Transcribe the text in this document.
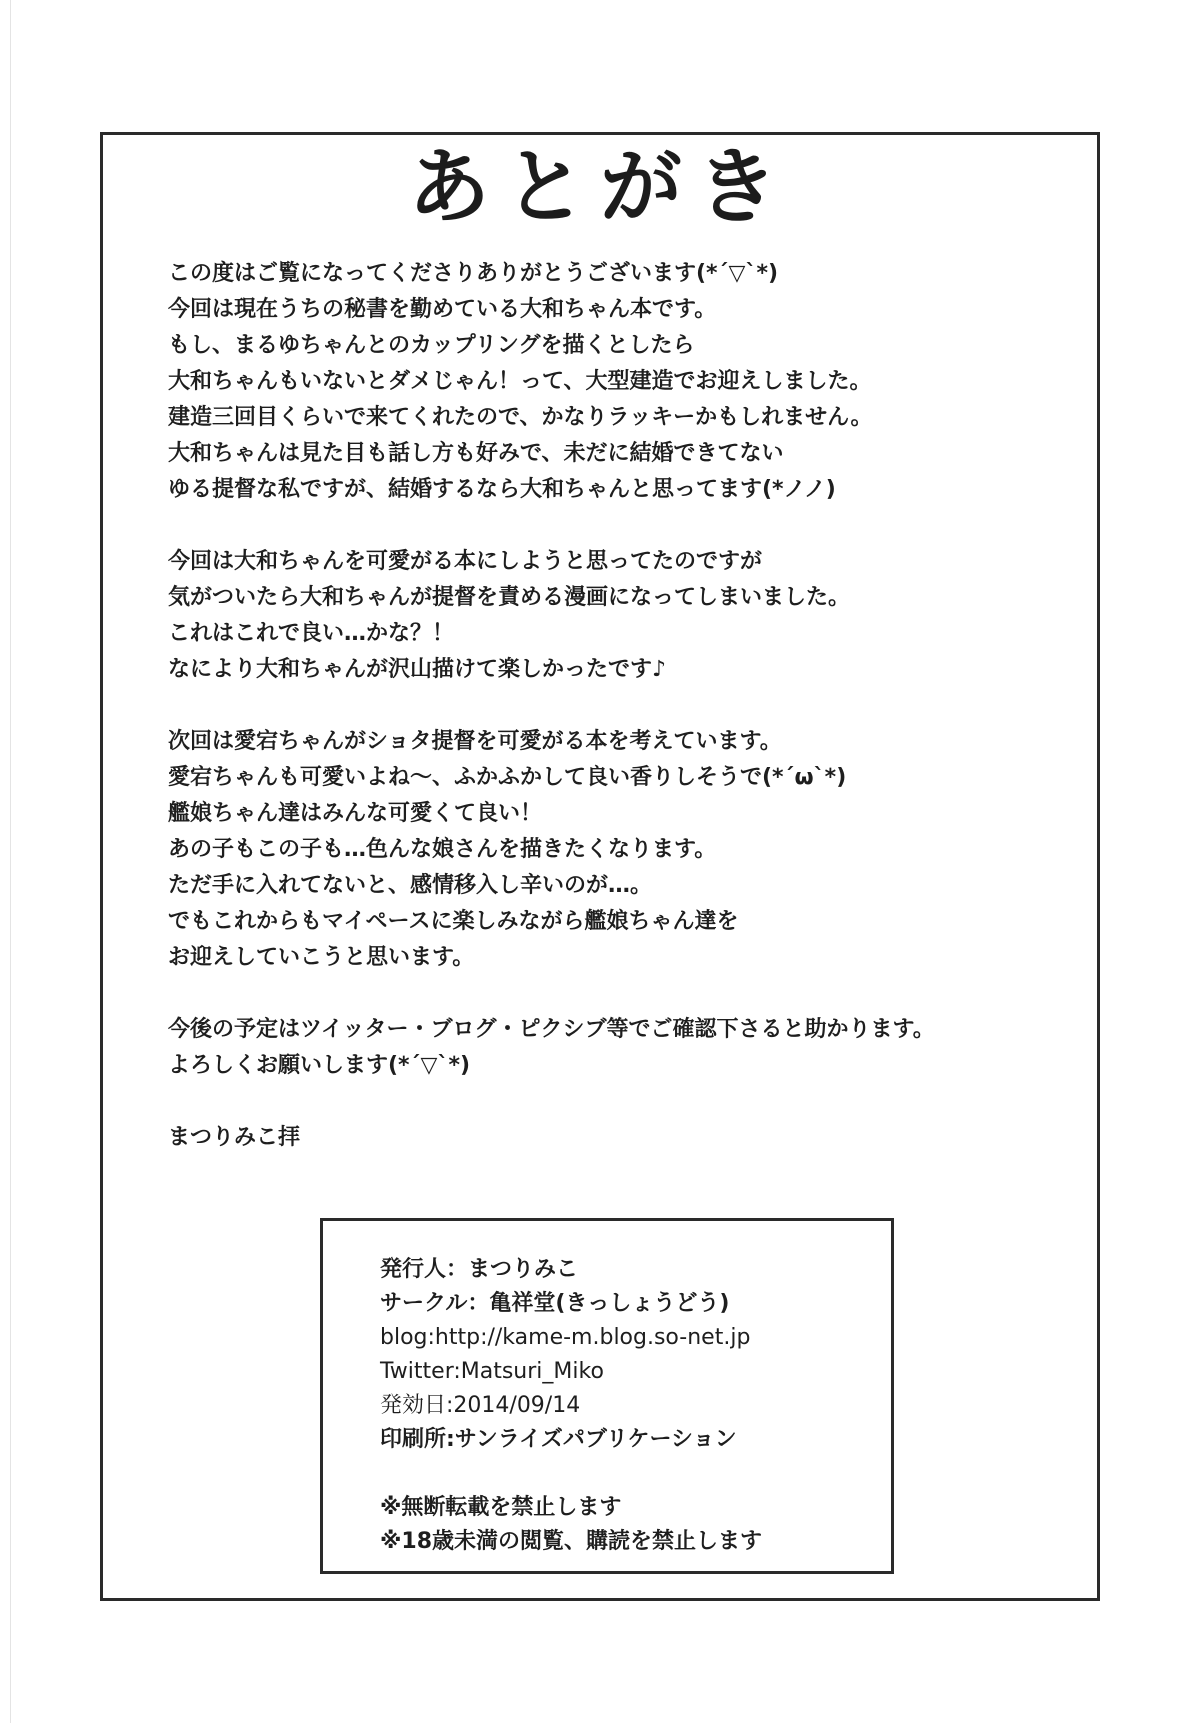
あとがき
この度はご覧になってくださりありがとうございます(*´▽`*)
今回は現在うちの秘書を勤めている大和ちゃん本です。
もし、まるゆちゃんとのカップリングを描くとしたら
大和ちゃんもいないとダメじゃん！って、大型建造でお迎えしました。
建造三回目くらいで来てくれたので、かなりラッキーかもしれません。
大和ちゃんは見た目も話し方も好みで、未だに結婚できてない
ゆる提督な私ですが、結婚するなら大和ちゃんと思ってます(*ノノ)
今回は大和ちゃんを可愛がる本にしようと思ってたのですが
気がついたら大和ちゃんが提督を責める漫画になってしまいました。
これはこれで良い…かな？！
なにより大和ちゃんが沢山描けて楽しかったです♪
次回は愛宕ちゃんがショタ提督を可愛がる本を考えています。
愛宕ちゃんも可愛いよね～、ふかふかして良い香りしそうで(*´ω`*)
艦娘ちゃん達はみんな可愛くて良い！
あの子もこの子も…色んな娘さんを描きたくなります。
ただ手に入れてないと、感情移入し辛いのが…。
でもこれからもマイペースに楽しみながら艦娘ちゃん達を
お迎えしていこうと思います。
今後の予定はツイッター・ブログ・ピクシブ等でご確認下さると助かります。
よろしくお願いします(*´▽`*)
まつりみこ拝
発行人：まつりみこ
サークル：亀祥堂(きっしょうどう)
blog:http://kame-m.blog.so-net.jp
Twitter:Matsuri_Miko
発効日:2014/09/14
印刷所:サンライズパブリケーション
※無断転載を禁止します
※18歳未満の閲覧、購読を禁止します
